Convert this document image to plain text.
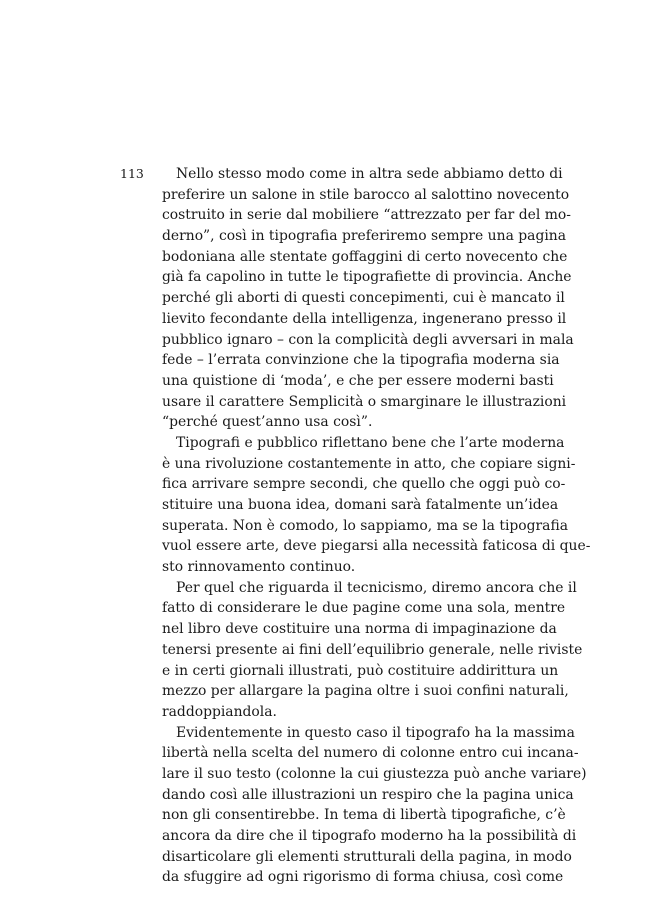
113	Nello stesso modo come in altra sede abbiamo detto di
preferire un salone in stile barocco al salottino novecento
costruito in serie dal mobiliere “attrezzato per far del mo-
derno”, così in tipografia preferiremo sempre una pagina
bodoniana alle stentate goffaggini di certo novecento che
già fa capolino in tutte le tipografiette di provincia. Anche
perché gli aborti di questi concepimenti, cui è mancato il
lievito fecondante della intelligenza, ingenerano presso il
pubblico ignaro – con la complicità degli avversari in mala
fede – l’errata convinzione che la tipografia moderna sia
una quistione di ‘moda’, e che per essere moderni basti
usare il carattere Semplicità o smarginare le illustrazioni
“perché quest’anno usa così”.
Tipografi e pubblico riflettano bene che l’arte moderna
è una rivoluzione costantemente in atto, che copiare signi-
fica arrivare sempre secondi, che quello che oggi può co-
stituire una buona idea, domani sarà fatalmente un’idea
superata. Non è comodo, lo sappiamo, ma se la tipografia
vuol essere arte, deve piegarsi alla necessità faticosa di que-
sto rinnovamento continuo.
Per quel che riguarda il tecnicismo, diremo ancora che il
fatto di considerare le due pagine come una sola, mentre
nel libro deve costituire una norma di impaginazione da
tenersi presente ai fini dell’equilibrio generale, nelle riviste
e in certi giornali illustrati, può costituire addirittura un
mezzo per allargare la pagina oltre i suoi confini naturali,
raddoppiandola.
Evidentemente in questo caso il tipografo ha la massima
libertà nella scelta del numero di colonne entro cui incana-
lare il suo testo (colonne la cui giustezza può anche variare)
dando così alle illustrazioni un respiro che la pagina unica
non gli consentirebbe. In tema di libertà tipografiche, c’è
ancora da dire che il tipografo moderno ha la possibilità di
disarticolare gli elementi strutturali della pagina, in modo
da sfuggire ad ogni rigorismo di forma chiusa, così come
